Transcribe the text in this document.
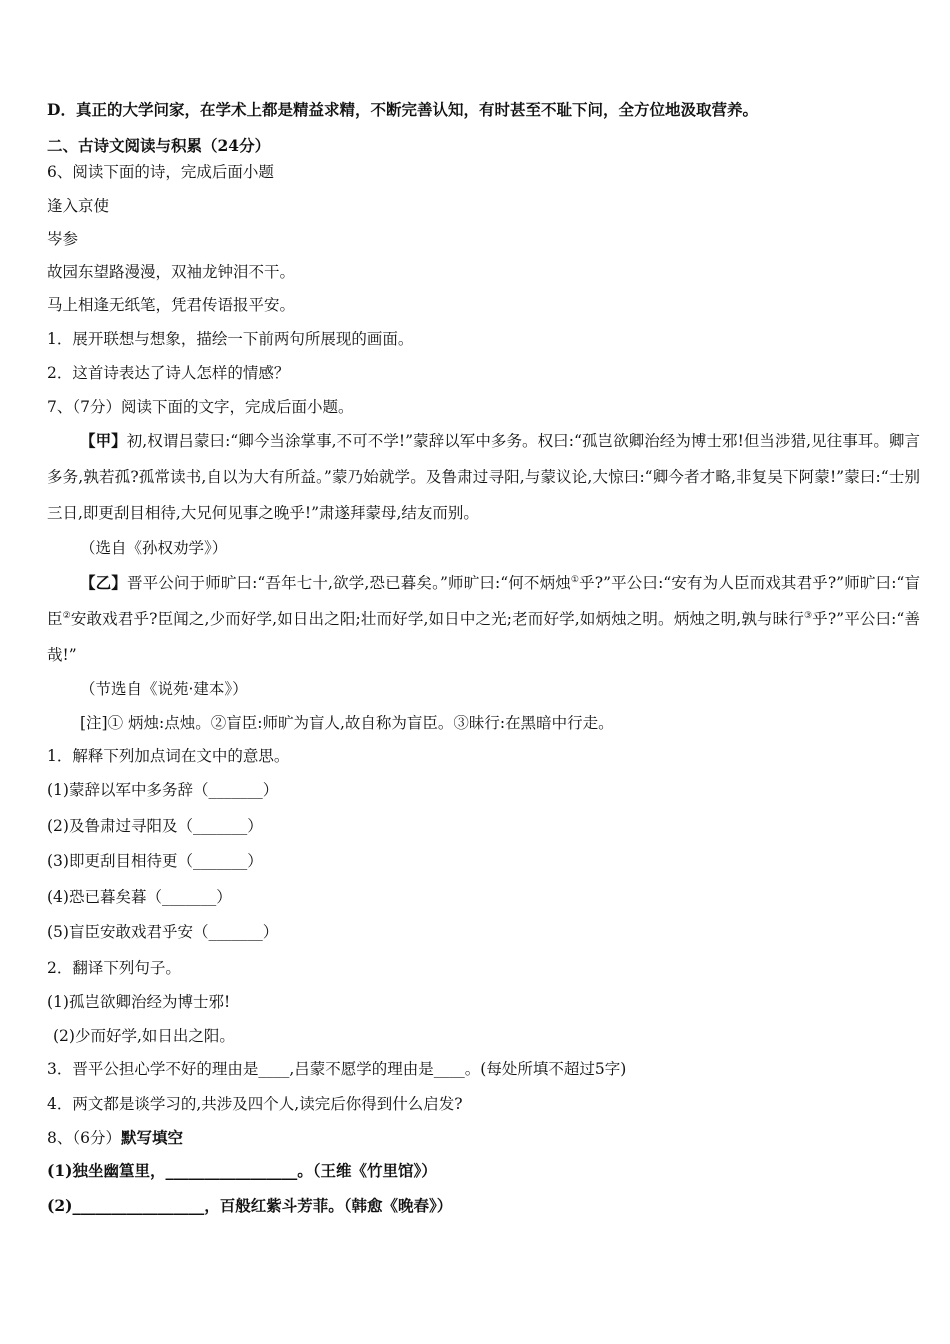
D．真正的大学问家，在学术上都是精益求精，不断完善认知，有时甚至不耻下问，全方位地汲取营养。
二、古诗文阅读与积累（24分）
6、阅读下面的诗，完成后面小题
逢入京使
岑参
故园东望路漫漫，双袖龙钟泪不干。
马上相逢无纸笔，凭君传语报平安。
1．展开联想与想象，描绘一下前两句所展现的画面。
2．这首诗表达了诗人怎样的情感？
7、（7分）阅读下面的文字，完成后面小题。
【甲】初,权谓吕蒙曰:“卿今当涂掌事,不可不学!”蒙辞以军中多务。权曰:“孤岂欲卿治经为博士邪!但当涉猎,见往事耳。卿言多务,孰若孤?孤常读书,自以为大有所益。”蒙乃始就学。及鲁肃过寻阳,与蒙议论,大惊曰:“卿今者才略,非复吴下阿蒙!”蒙曰:“士别三日,即更刮目相待,大兄何见事之晚乎!”肃遂拜蒙母,结友而别。
（选自《孙权劝学》）
【乙】晋平公问于师旷曰:“吾年七十,欲学,恐已暮矣。”师旷曰:“何不炳烛①乎?”平公曰:“安有为人臣而戏其君乎?”师旷曰:“盲臣②安敢戏君乎?臣闻之,少而好学,如日出之阳;壮而好学,如日中之光;老而好学,如炳烛之明。炳烛之明,孰与昧行③乎?”平公曰:“善哉!”
（节选自《说苑·建本》）
[注]① 炳烛:点烛。②盲臣:师旷为盲人,故自称为盲臣。③昧行:在黑暗中行走。
1．解释下列加点词在文中的意思。
(1)蒙辞以军中多务辞（_______）
(2)及鲁肃过寻阳及（_______）
(3)即更刮目相待更（_______）
(4)恐已暮矣暮（_______）
(5)盲臣安敢戏君乎安（_______）
2．翻译下列句子。
(1)孤岂欲卿治经为博士邪!
(2)少而好学,如日出之阳。
3．晋平公担心学不好的理由是____,吕蒙不愿学的理由是____。(每处所填不超过5字)
4．两文都是谈学习的,共涉及四个人,读完后你得到什么启发?
8、（6分）默写填空
(1)独坐幽篁里，_________________。（王维《竹里馆》）
(2)_________________，百般红紫斗芳菲。（韩愈《晚春》）
